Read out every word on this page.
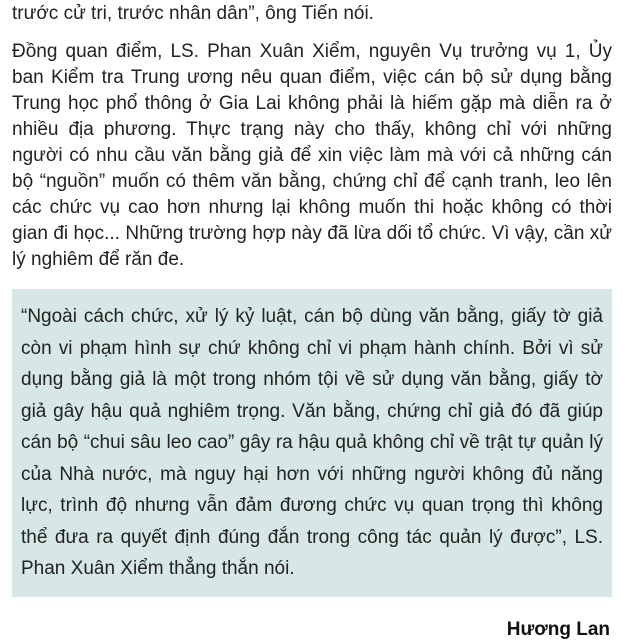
trước cử tri, trước nhân dân”, ông Tiến nói.

Đồng quan điểm, LS. Phan Xuân Xiểm, nguyên Vụ trưởng vụ 1, Ủy ban Kiểm tra Trung ương nêu quan điểm, việc cán bộ sử dụng bằng Trung học phổ thông ở Gia Lai không phải là hiếm gặp mà diễn ra ở nhiều địa phương. Thực trạng này cho thấy, không chỉ với những người có nhu cầu văn bằng giả để xin việc làm mà với cả những cán bộ “nguồn” muốn có thêm văn bằng, chứng chỉ để cạnh tranh, leo lên các chức vụ cao hơn nhưng lại không muốn thi hoặc không có thời gian đi học... Những trường hợp này đã lừa dối tổ chức. Vì vậy, cần xử lý nghiêm để răn đe.

“Ngoài cách chức, xử lý kỷ luật, cán bộ dùng văn bằng, giấy tờ giả còn vi phạm hình sự chứ không chỉ vi phạm hành chính. Bởi vì sử dụng bằng giả là một trong nhóm tội về sử dụng văn bằng, giấy tờ giả gây hậu quả nghiêm trọng. Văn bằng, chứng chỉ giả đó đã giúp cán bộ “chui sâu leo cao” gây ra hậu quả không chỉ về trật tự quản lý của Nhà nước, mà nguy hại hơn với những người không đủ năng lực, trình độ nhưng vẫn đảm đương chức vụ quan trọng thì không thể đưa ra quyết định đúng đắn trong công tác quản lý được”, LS. Phan Xuân Xiểm thẳng thắn nói.

Hương Lan
